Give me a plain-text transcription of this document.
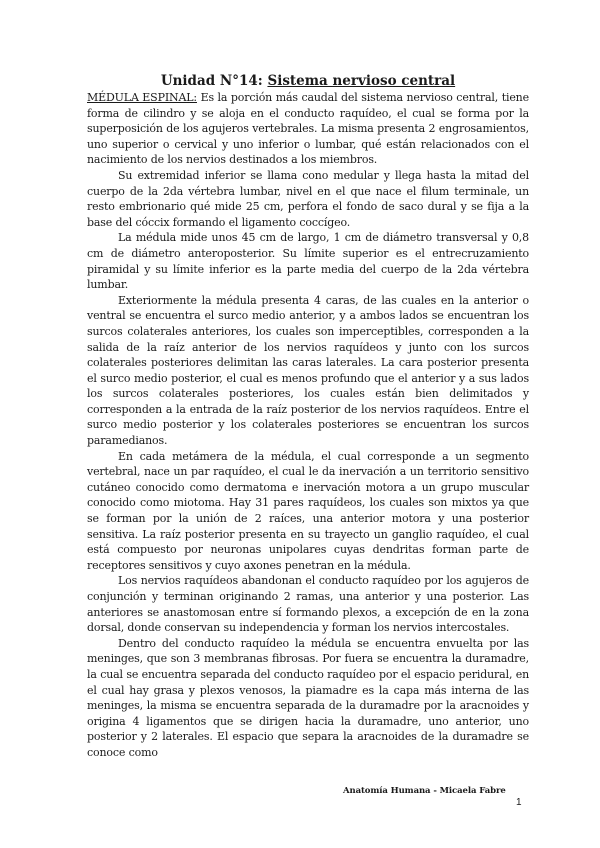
Unidad N°14: Sistema nervioso central

MÉDULA ESPINAL: Es la porción más caudal del sistema nervioso central, tiene forma de cilindro y se aloja en el conducto raquídeo, el cual se forma por la superposición de los agujeros vertebrales. La misma presenta 2 engrosamientos, uno superior o cervical y uno inferior o lumbar, qué están relacionados con el nacimiento de los nervios destinados a los miembros.

Su extremidad inferior se llama cono medular y llega hasta la mitad del cuerpo de la 2da vértebra lumbar, nivel en el que nace el filum terminale, un resto embrionario qué mide 25 cm, perfora el fondo de saco dural y se fija a la base del cóccix formando el ligamento coccígeo.

La médula mide unos 45 cm de largo, 1 cm de diámetro transversal y 0,8 cm de diámetro anteroposterior. Su límite superior es el entrecruzamiento piramidal y su límite inferior es la parte media del cuerpo de la 2da vértebra lumbar.

Exteriormente la médula presenta 4 caras, de las cuales en la anterior o ventral se encuentra el surco medio anterior, y a ambos lados se encuentran los surcos colaterales anteriores, los cuales son imperceptibles, corresponden a la salida de la raíz anterior de los nervios raquídeos y junto con los surcos colaterales posteriores delimitan las caras laterales. La cara posterior presenta el surco medio posterior, el cual es menos profundo que el anterior y a sus lados los surcos colaterales posteriores, los cuales están bien delimitados y corresponden a la entrada de la raíz posterior de los nervios raquídeos. Entre el surco medio posterior y los colaterales posteriores se encuentran los surcos paramedianos.

En cada metámera de la médula, el cual corresponde a un segmento vertebral, nace un par raquídeo, el cual le da inervación a un territorio sensitivo cutáneo conocido como dermatoma e inervación motora a un grupo muscular conocido como miotoma. Hay 31 pares raquídeos, los cuales son mixtos ya que se forman por la unión de 2 raíces, una anterior motora y una posterior sensitiva. La raíz posterior presenta en su trayecto un ganglio raquídeo, el cual está compuesto por neuronas unipolares cuyas dendritas forman parte de receptores sensitivos y cuyo axones penetran en la médula.

Los nervios raquídeos abandonan el conducto raquídeo por los agujeros de conjunción y terminan originando 2 ramas, una anterior y una posterior. Las anteriores se anastomosan entre sí formando plexos, a excepción de en la zona dorsal, donde conservan su independencia y forman los nervios intercostales.

Dentro del conducto raquídeo la médula se encuentra envuelta por las meninges, que son 3 membranas fibrosas. Por fuera se encuentra la duramadre, la cual se encuentra separada del conducto raquídeo por el espacio peridural, en el cual hay grasa y plexos venosos, la piamadre es la capa más interna de las meninges, la misma se encuentra separada de la duramadre por la aracnoides y origina 4 ligamentos que se dirigen hacia la duramadre, uno anterior, uno posterior y 2 laterales. El espacio que separa la aracnoides de la duramadre se conoce como

Anatomía Humana - Micaela Fabre
1
